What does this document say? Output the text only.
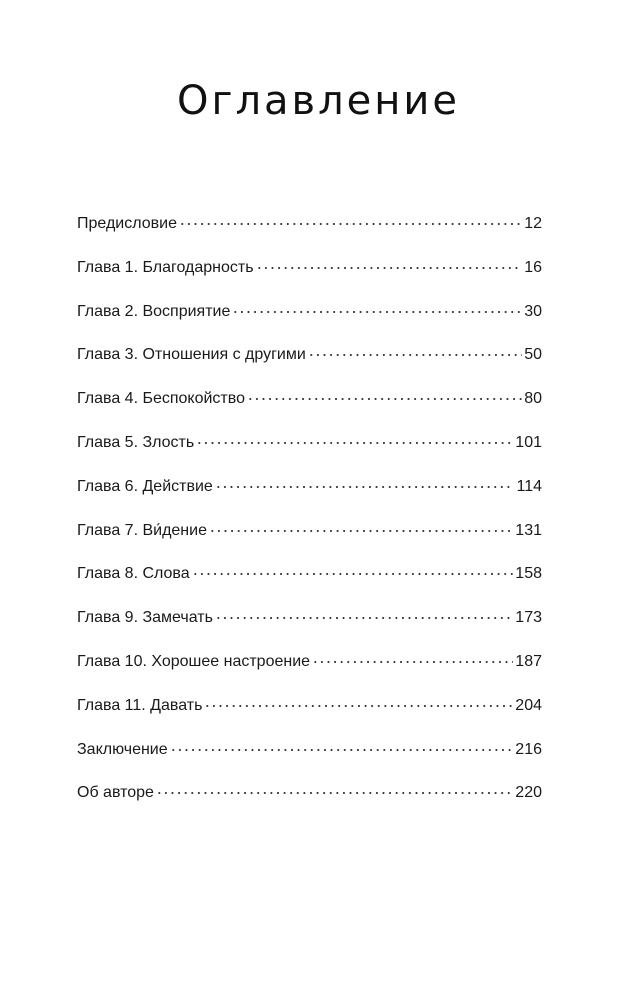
Оглавление
Предисловие	12
Глава 1. Благодарность	16
Глава 2. Восприятие	30
Глава 3. Отношения с другими	50
Глава 4. Беспокойство	80
Глава 5. Злость	101
Глава 6. Действие	114
Глава 7. Ви́дение	131
Глава 8. Слова	158
Глава 9. Замечать	173
Глава 10. Хорошее настроение	187
Глава 11. Давать	204
Заключение	216
Об авторе	220
